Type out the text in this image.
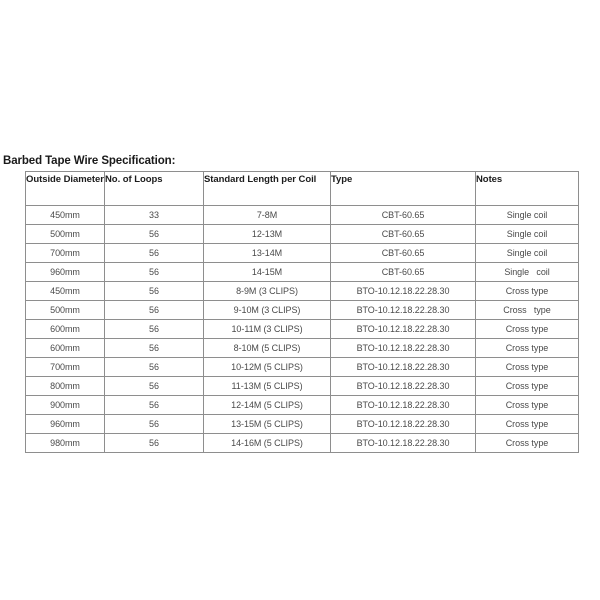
Barbed Tape Wire Specification:
Outside Diameter	No. of Loops	Standard Length per Coil	Type	Notes
450mm	33	7-8M	CBT-60.65	Single coil
500mm	56	12-13M	CBT-60.65	Single coil
700mm	56	13-14M	CBT-60.65	Single coil
960mm	56	14-15M	CBT-60.65	Single   coil
450mm	56	8-9M (3 CLIPS)	BTO-10.12.18.22.28.30	Cross type
500mm	56	9-10M (3 CLIPS)	BTO-10.12.18.22.28.30	Cross   type
600mm	56	10-11M (3 CLIPS)	BTO-10.12.18.22.28.30	Cross type
600mm	56	8-10M (5 CLIPS)	BTO-10.12.18.22.28.30	Cross type
700mm	56	10-12M (5 CLIPS)	BTO-10.12.18.22.28.30	Cross type
800mm	56	11-13M (5 CLIPS)	BTO-10.12.18.22.28.30	Cross type
900mm	56	12-14M (5 CLIPS)	BTO-10.12.18.22.28.30	Cross type
960mm	56	13-15M (5 CLIPS)	BTO-10.12.18.22.28.30	Cross type
980mm	56	14-16M (5 CLIPS)	BTO-10.12.18.22.28.30	Cross type
